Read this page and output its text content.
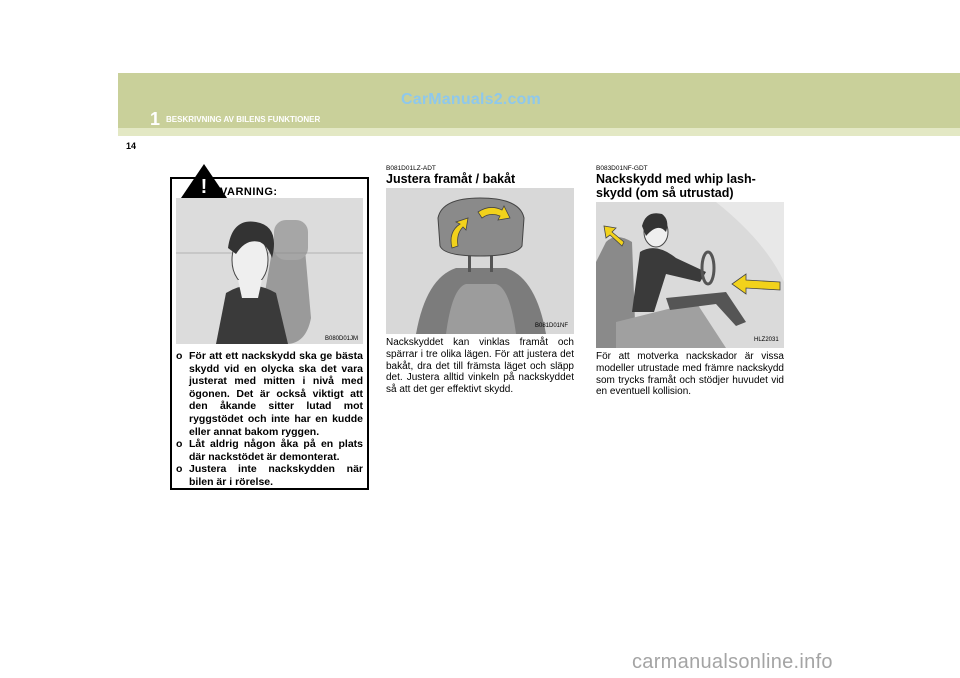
1 BESKRIVNING AV BILENS FUNKTIONER
CarManuals2.com
14
! VARNING:
B080D01JM
o För att ett nackskydd ska ge bästa skydd vid en olycka ska det vara justerat med mitten i nivå med ögonen. Det är också viktigt att den åkande sitter lutad mot ryggstödet och inte har en kudde eller annat bakom ryggen.
o Låt aldrig någon åka på en plats där nackstödet är demonterat.
o Justera inte nackskydden när bilen är i rörelse.
B081D01LZ-ADT
Justera framåt / bakåt
B081D01NF
Nackskyddet kan vinklas framåt och spärrar i tre olika lägen. För att justera det bakåt, dra det till främsta läget och släpp det. Justera alltid vinkeln på nackskyddet så att det ger effektivt skydd.
B083D01NF-GDT
Nackskydd med whip lash-skydd (om så utrustad)
HLZ2031
För att motverka nackskador är vissa modeller utrustade med främre nackskydd som trycks framåt och stödjer huvudet vid en eventuell kollision.
carmanualsonline.info
